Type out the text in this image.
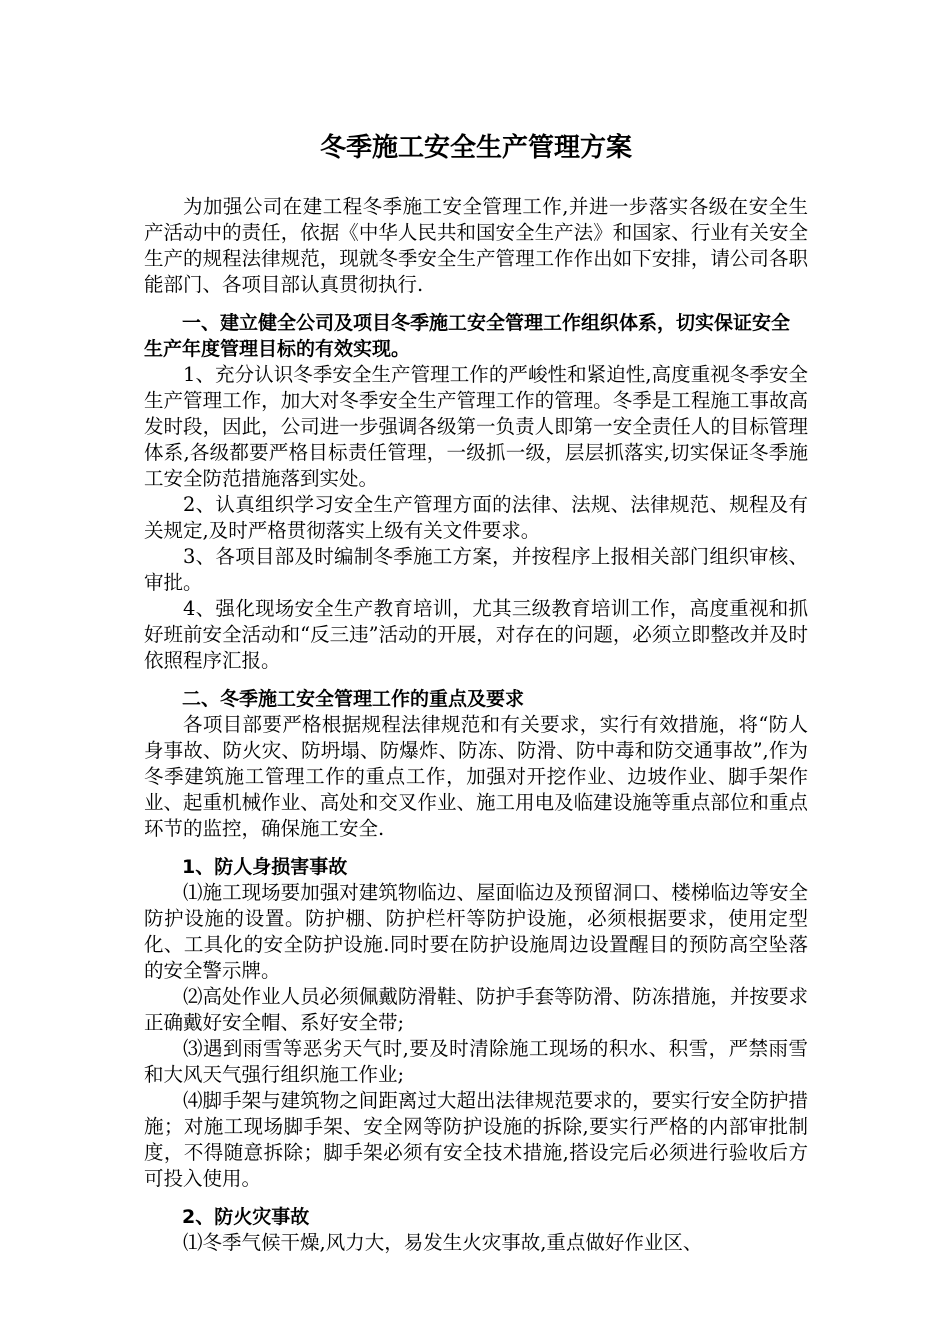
冬季施工安全生产管理方案

为加强公司在建工程冬季施工安全管理工作,并进一步落实各级在安全生产活动中的责任，依据《中华人民共和国安全生产法》和国家、行业有关安全生产的规程法律规范，现就冬季安全生产管理工作作出如下安排，请公司各职能部门、各项目部认真贯彻执行.

一、建立健全公司及项目冬季施工安全管理工作组织体系，切实保证安全生产年度管理目标的有效实现。

1、充分认识冬季安全生产管理工作的严峻性和紧迫性,高度重视冬季安全生产管理工作，加大对冬季安全生产管理工作的管理。冬季是工程施工事故高发时段，因此，公司进一步强调各级第一负责人即第一安全责任人的目标管理体系,各级都要严格目标责任管理，一级抓一级，层层抓落实,切实保证冬季施工安全防范措施落到实处。

2、认真组织学习安全生产管理方面的法律、法规、法律规范、规程及有关规定,及时严格贯彻落实上级有关文件要求。

3、各项目部及时编制冬季施工方案，并按程序上报相关部门组织审核、审批。

4、强化现场安全生产教育培训，尤其三级教育培训工作，高度重视和抓好班前安全活动和“反三违”活动的开展，对存在的问题，必须立即整改并及时依照程序汇报。

二、冬季施工安全管理工作的重点及要求

各项目部要严格根据规程法律规范和有关要求，实行有效措施，将“防人身事故、防火灾、防坍塌、防爆炸、防冻、防滑、防中毒和防交通事故”,作为冬季建筑施工管理工作的重点工作，加强对开挖作业、边坡作业、脚手架作业、起重机械作业、高处和交叉作业、施工用电及临建设施等重点部位和重点环节的监控，确保施工安全.

1、防人身损害事故

⑴施工现场要加强对建筑物临边、屋面临边及预留洞口、楼梯临边等安全防护设施的设置。防护棚、防护栏杆等防护设施，必须根据要求，使用定型化、工具化的安全防护设施.同时要在防护设施周边设置醒目的预防高空坠落的安全警示牌。

⑵高处作业人员必须佩戴防滑鞋、防护手套等防滑、防冻措施，并按要求正确戴好安全帽、系好安全带;

⑶遇到雨雪等恶劣天气时,要及时清除施工现场的积水、积雪，严禁雨雪和大风天气强行组织施工作业;

⑷脚手架与建筑物之间距离过大超出法律规范要求的，要实行安全防护措施；对施工现场脚手架、安全网等防护设施的拆除,要实行严格的内部审批制度，不得随意拆除；脚手架必须有安全技术措施,搭设完后必须进行验收后方可投入使用。

2、防火灾事故

⑴冬季气候干燥,风力大，易发生火灾事故,重点做好作业区、
